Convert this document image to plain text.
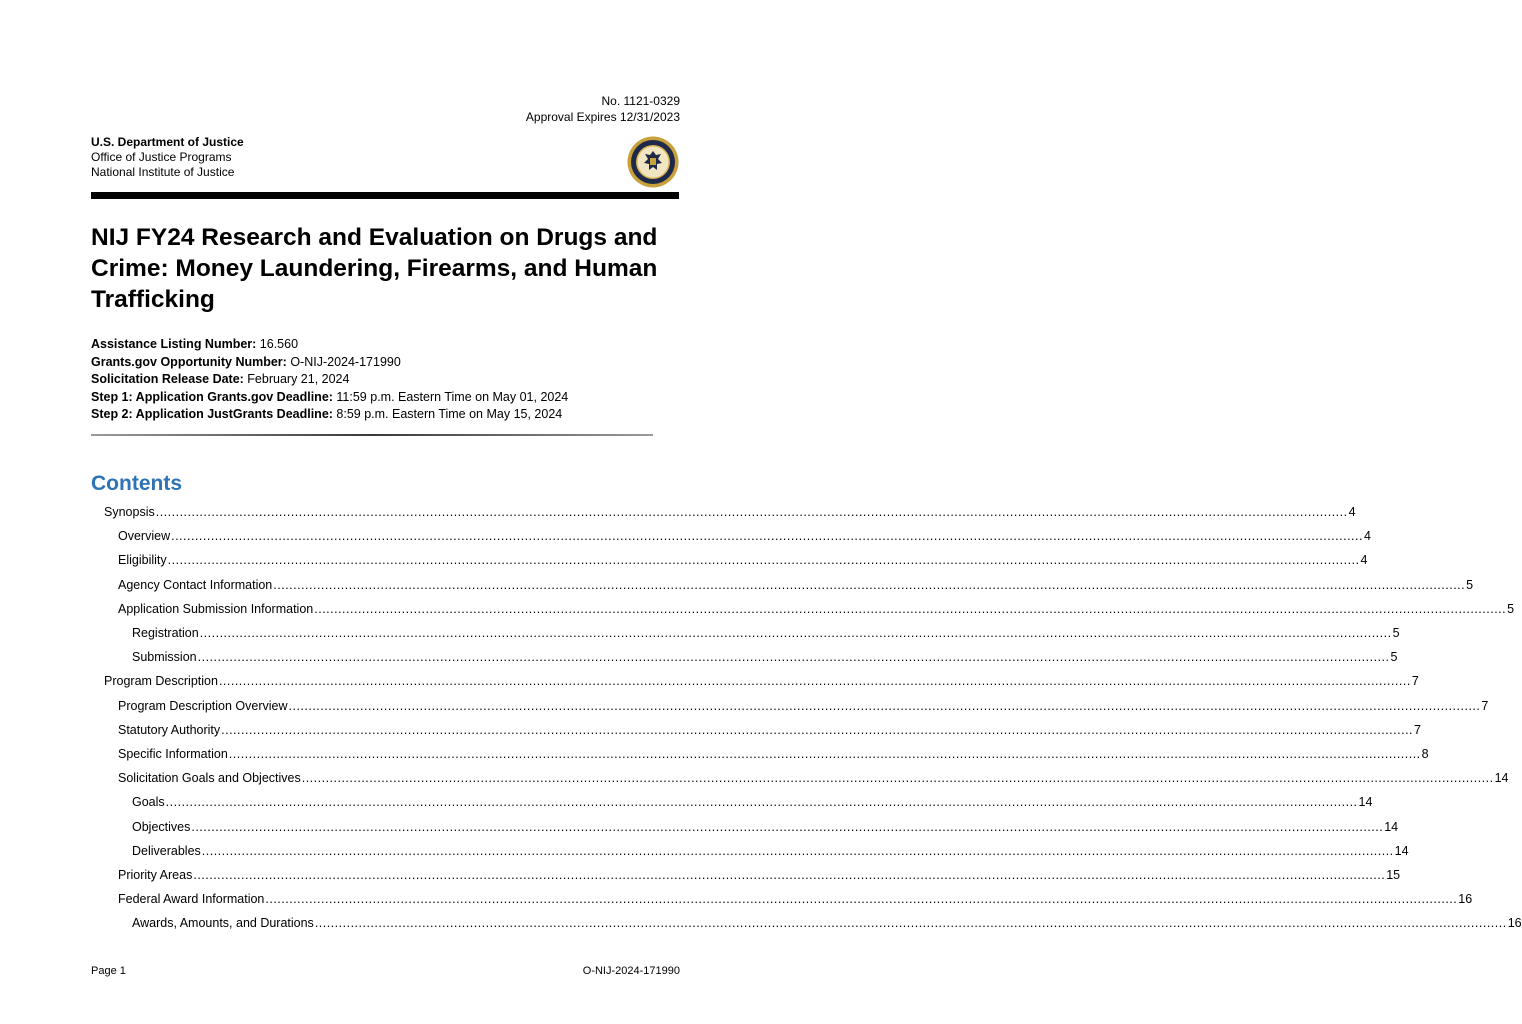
No. 1121-0329
Approval Expires 12/31/2023
U.S. Department of Justice
Office of Justice Programs
National Institute of Justice
NIJ FY24 Research and Evaluation on Drugs and Crime: Money Laundering, Firearms, and Human Trafficking
Assistance Listing Number: 16.560
Grants.gov Opportunity Number: O-NIJ-2024-171990
Solicitation Release Date: February 21, 2024
Step 1: Application Grants.gov Deadline: 11:59 p.m. Eastern Time on May 01, 2024
Step 2: Application JustGrants Deadline: 8:59 p.m. Eastern Time on May 15, 2024
Contents
Synopsis ............................................................................................................................................................................................................................................................................................................ 4
Overview ............................................................................................................................................................................................................................................................................................................ 4
Eligibility ............................................................................................................................................................................................................................................................................................................ 4
Agency Contact Information ............................................................................................................................................................................................................................................................................................................ 5
Application Submission Information ............................................................................................................................................................................................................................................................................................................ 5
Registration ............................................................................................................................................................................................................................................................................................................ 5
Submission ............................................................................................................................................................................................................................................................................................................ 5
Program Description ............................................................................................................................................................................................................................................................................................................ 7
Program Description Overview ............................................................................................................................................................................................................................................................................................................ 7
Statutory Authority ............................................................................................................................................................................................................................................................................................................ 7
Specific Information ............................................................................................................................................................................................................................................................................................................ 8
Solicitation Goals and Objectives ............................................................................................................................................................................................................................................................................................................ 14
Goals ............................................................................................................................................................................................................................................................................................................ 14
Objectives ............................................................................................................................................................................................................................................................................................................ 14
Deliverables ............................................................................................................................................................................................................................................................................................................ 14
Priority Areas ............................................................................................................................................................................................................................................................................................................ 15
Federal Award Information ............................................................................................................................................................................................................................................................................................................ 16
Awards, Amounts, and Durations ............................................................................................................................................................................................................................................................................................................ 16
Page 1	O-NIJ-2024-171990
